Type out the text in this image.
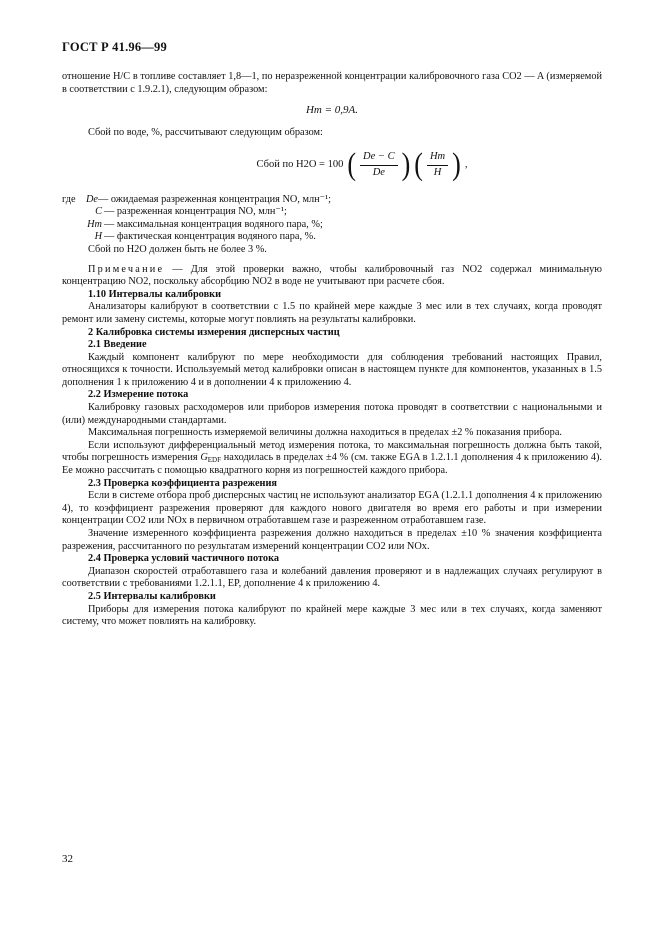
ГОСТ Р 41.96—99

отношение H/C в топливе составляет 1,8—1, по неразреженной концентрации калибровочного газа CO2 — A (измеряемой в соответствии с 1.9.2.1), следующим образом:

Hm = 0,9A.

Сбой по воде, %, рассчитывают следующим образом:

Сбой по H2O = 100 ( $\frac{De - C}{De}$ ) ( $\frac{Hm}{H}$ ) ,
где	De — ожидаемая разреженная концентрация NO, млн⁻¹;
C — разреженная концентрация NO, млн⁻¹;
Hm — максимальная концентрация водяного пара, %;
H — фактическая концентрация водяного пара, %.

Сбой по H2O должен быть не более 3 %.

Примечание — Для этой проверки важно, чтобы калибровочный газ NO2 содержал минимальную концентрацию NO2, поскольку абсорбцию NO2 в воде не учитывают при расчете сбоя.

1.10 Интервалы калибровки

Анализаторы калибруют в соответствии с 1.5 по крайней мере каждые 3 мес или в тех случаях, когда проводят ремонт или замену системы, которые могут повлиять на результаты калибровки.

2 Калибровка системы измерения дисперсных частиц

2.1 Введение

Каждый компонент калибруют по мере необходимости для соблюдения требований настоящих Правил, относящихся к точности. Используемый метод калибровки описан в настоящем пункте для компонентов, указанных в 1.5 дополнения 1 к приложению 4 и в дополнении 4 к приложению 4.

2.2 Измерение потока

Калибровку газовых расходомеров или приборов измерения потока проводят в соответствии с национальными и (или) международными стандартами.

Максимальная погрешность измеряемой величины должна находиться в пределах ±2 % показания прибора.

Если используют дифференциальный метод измерения потока, то максимальная погрешность должна быть такой, чтобы погрешность измерения $G_{EDF}$ находилась в пределах ±4 % (см. также EGA в 1.2.1.1 дополнения 4 к приложению 4). Ее можно рассчитать с помощью квадратного корня из погрешностей каждого прибора.

2.3 Проверка коэффициента разрежения

Если в системе отбора проб дисперсных частиц не используют анализатор EGA (1.2.1.1 дополнения 4 к приложению 4), то коэффициент разрежения проверяют для каждого нового двигателя во время его работы и при измерении концентрации CO2 или NOx в первичном отработавшем газе и разреженном отработавшем газе.

Значение измеренного коэффициента разрежения должно находиться в пределах ±10 % значения коэффициента разрежения, рассчитанного по результатам измерений концентрации CO2 или NOx.

2.4 Проверка условий частичного потока

Диапазон скоростей отработавшего газа и колебаний давления проверяют и в надлежащих случаях регулируют в соответствии с требованиями 1.2.1.1, EP, дополнение 4 к приложению 4.

2.5 Интервалы калибровки

Приборы для измерения потока калибруют по крайней мере каждые 3 мес или в тех случаях, когда заменяют систему, что может повлиять на калибровку.

32
